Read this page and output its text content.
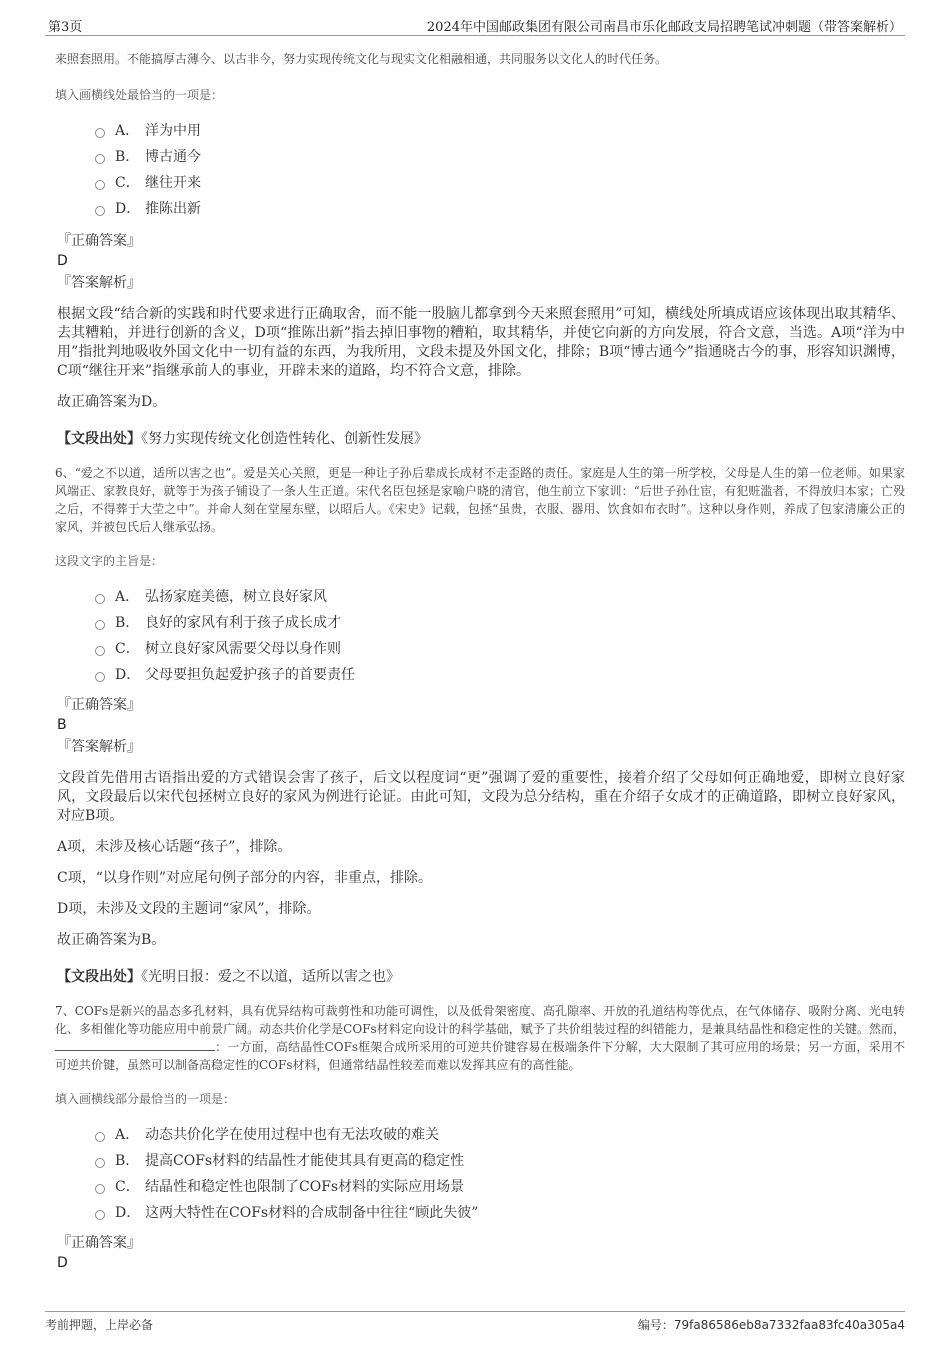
第3页	2024年中国邮政集团有限公司南昌市乐化邮政支局招聘笔试冲刺题（带答案解析）

来照套照用。不能搞厚古薄今、以古非今，努力实现传统文化与现实文化相融相通，共同服务以文化人的时代任务。

填入画横线处最恰当的一项是：

A． 洋为中用
B． 博古通今
C． 继往开来
D． 推陈出新

『正确答案』

D

『答案解析』

根据文段“结合新的实践和时代要求进行正确取舍，而不能一股脑儿都拿到今天来照套照用”可知，横线处所填成语应该体现出取其精华、去其糟粕，并进行创新的含义，D项“推陈出新”指去掉旧事物的糟粕，取其精华，并使它向新的方向发展，符合文意，当选。A项“洋为中用”指批判地吸收外国文化中一切有益的东西，为我所用，文段未提及外国文化，排除；B项“博古通今”指通晓古今的事，形容知识渊博，C项“继往开来”指继承前人的事业，开辟未来的道路，均不符合文意，排除。

故正确答案为D。

【文段出处】《努力实现传统文化创造性转化、创新性发展》

6、“爱之不以道，适所以害之也”。爱是关心关照，更是一种让子孙后辈成长成材不走歪路的责任。家庭是人生的第一所学校，父母是人生的第一位老师。如果家风端正、家教良好，就等于为孩子铺设了一条人生正道。宋代名臣包拯是家喻户晓的清官，他生前立下家训：“后世子孙仕宦，有犯赃滥者，不得放归本家；亡殁之后，不得葬于大茔之中”。并命人刻在堂屋东壁，以昭后人。《宋史》记载，包拯“虽贵，衣服、器用、饮食如布衣时”。这种以身作则，养成了包家清廉公正的家风，并被包氏后人继承弘扬。

这段文字的主旨是：

A． 弘扬家庭美德，树立良好家风
B． 良好的家风有利于孩子成长成才
C． 树立良好家风需要父母以身作则
D． 父母要担负起爱护孩子的首要责任

『正确答案』

B

『答案解析』

文段首先借用古语指出爱的方式错误会害了孩子，后文以程度词“更”强调了爱的重要性，接着介绍了父母如何正确地爱，即树立良好家风，文段最后以宋代包拯树立良好的家风为例进行论证。由此可知，文段为总分结构，重在介绍子女成才的正确道路，即树立良好家风，对应B项。

A项，未涉及核心话题“孩子”，排除。

C项，“以身作则”对应尾句例子部分的内容，非重点，排除。

D项，未涉及文段的主题词“家风”，排除。

故正确答案为B。

【文段出处】《光明日报：爱之不以道，适所以害之也》

7、COFs是新兴的晶态多孔材料，具有优异结构可裁剪性和功能可调性，以及低骨架密度、高孔隙率、开放的孔道结构等优点，在气体储存、吸附分离、光电转化、多相催化等功能应用中前景广阔。动态共价化学是COFs材料定向设计的科学基础，赋予了共价组装过程的纠错能力，是兼具结晶性和稳定性的关键。然而，：一方面，高结晶性COFs框架合成所采用的可逆共价键容易在极端条件下分解，大大限制了其可应用的场景；另一方面，采用不可逆共价键，虽然可以制备高稳定性的COFs材料，但通常结晶性较差而难以发挥其应有的高性能。

填入画横线部分最恰当的一项是：

A． 动态共价化学在使用过程中也有无法攻破的难关
B． 提高COFs材料的结晶性才能使其具有更高的稳定性
C． 结晶性和稳定性也限制了COFs材料的实际应用场景
D． 这两大特性在COFs材料的合成制备中往往“顾此失彼”

『正确答案』

D

考前押题，上岸必备	编号：79fa86586eb8a7332faa83fc40a305a4
